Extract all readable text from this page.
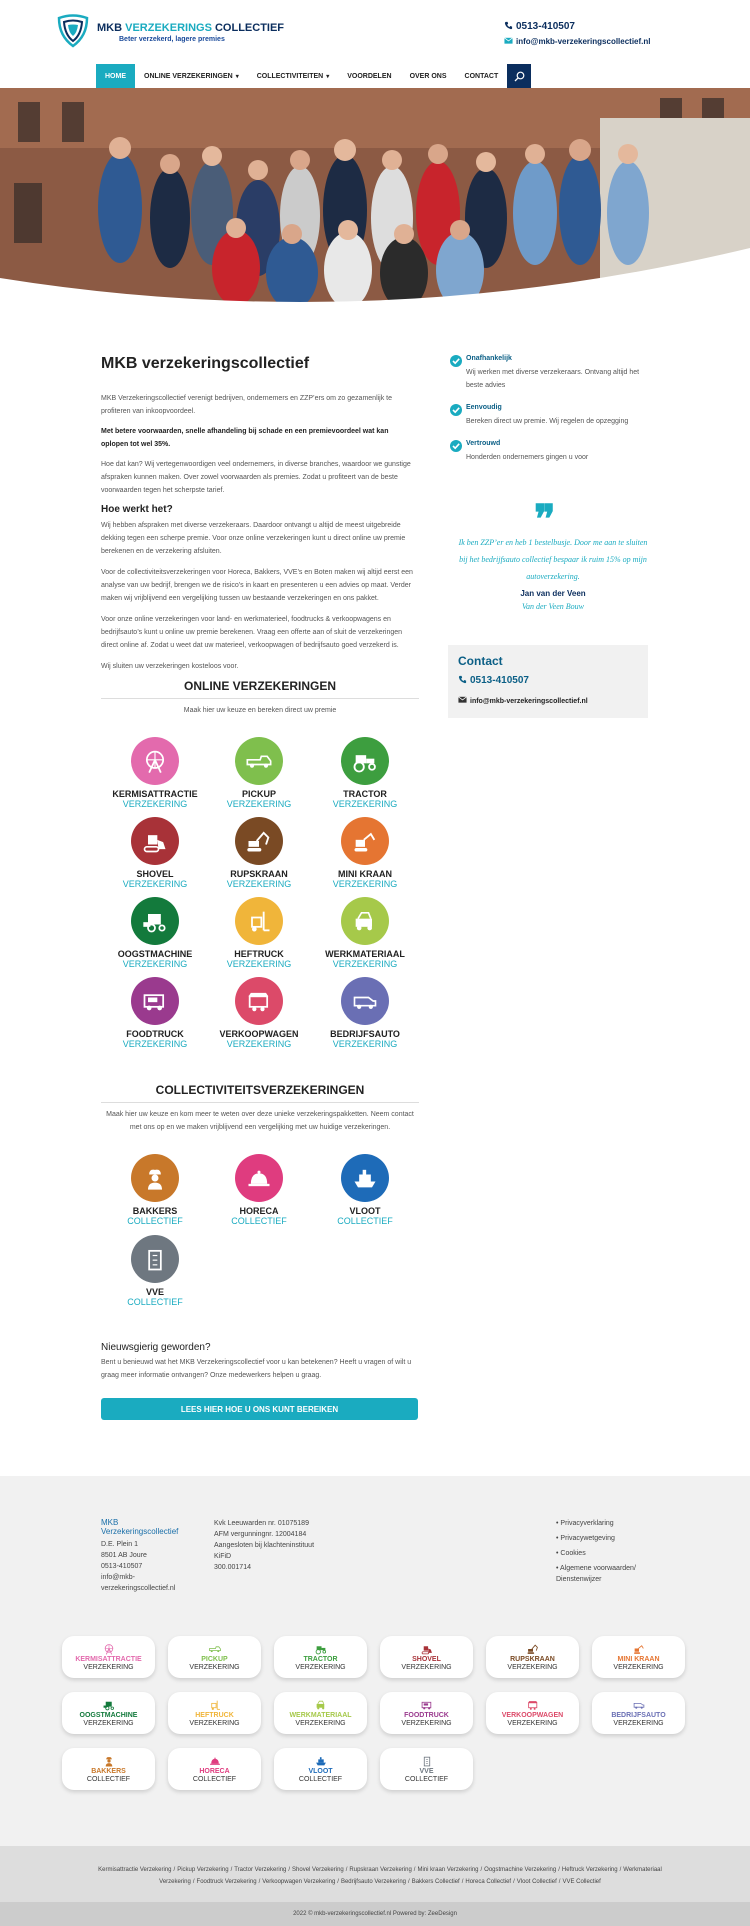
MKB VERZEKERINGS COLLECTIEF
Beter verzekerd, lagere premies
0513-410507
info@mkb-verzekeringscollectief.nl
HOME	ONLINE VERZEKERINGEN ▾	COLLECTIVITEITEN ▾	VOORDELEN	OVER ONS	CONTACT
MKB verzekeringscollectief
MKB Verzekeringscollectief verenigt bedrijven, ondernemers en ZZP’ers om zo gezamenlijk te profiteren van inkoopvoordeel.
Met betere voorwaarden, snelle afhandeling bij schade en een premievoordeel wat kan oplopen tot wel 35%.
Hoe dat kan? Wij vertegenwoordigen veel ondernemers, in diverse branches, waardoor we gunstige afspraken kunnen maken. Over zowel voorwaarden als premies. Zodat u profiteert van de beste voorwaarden tegen het scherpste tarief.
Hoe werkt het?
Wij hebben afspraken met diverse verzekeraars. Daardoor ontvangt u altijd de meest uitgebreide dekking tegen een scherpe premie. Voor onze online verzekeringen kunt u direct online uw premie berekenen en de verzekering afsluiten.
Voor de collectiviteitsverzekeringen voor Horeca, Bakkers, VVE’s en Boten maken wij altijd eerst een analyse van uw bedrijf, brengen we de risico’s in kaart en presenteren u een advies op maat. Verder maken wij vrijblijvend een vergelijking tussen uw bestaande verzekeringen en ons pakket.
Voor onze online verzekeringen voor land- en werkmaterieel, foodtrucks & verkoopwagens en bedrijfsauto’s kunt u online uw premie berekenen. Vraag een offerte aan of sluit de verzekeringen direct online af. Zodat u weet dat uw materieel, verkoopwagen of bedrijfsauto goed verzekerd is.
Wij sluiten uw verzekeringen kosteloos voor.
ONLINE VERZEKERINGEN
Maak hier uw keuze en bereken direct uw premie
KERMISATTRACTIE
VERZEKERING
PICKUP
VERZEKERING
TRACTOR
VERZEKERING
SHOVEL
VERZEKERING
RUPSKRAAN
VERZEKERING
MINI KRAAN
VERZEKERING
OOGSTMACHINE
VERZEKERING
HEFTRUCK
VERZEKERING
WERKMATERIAAL
VERZEKERING
FOODTRUCK
VERZEKERING
VERKOOPWAGEN
VERZEKERING
BEDRIJFSAUTO
VERZEKERING
COLLECTIVITEITSVERZEKERINGEN
Maak hier uw keuze en kom meer te weten over deze unieke verzekeringspakketten. Neem contact met ons op en we maken vrijblijvend een vergelijking met uw huidige verzekeringen.
BAKKERS
COLLECTIEF
HORECA
COLLECTIEF
VLOOT
COLLECTIEF
VVE
COLLECTIEF
Nieuwsgierig geworden?
Bent u benieuwd wat het MKB Verzekeringscollectief voor u kan betekenen? Heeft u vragen of wilt u graag meer informatie ontvangen? Onze medewerkers helpen u graag.
LEES HIER HOE U ONS KUNT BEREIKEN
Onafhankelijk
Wij werken met diverse verzekeraars. Ontvang altijd het beste advies
Eenvoudig
Bereken direct uw premie. Wij regelen de opzegging
Vertrouwd
Honderden ondernemers gingen u voor
❞
Ik ben ZZP’er en heb 1 bestelbusje. Door me aan te sluiten bij het bedrijfsauto collectief bespaar ik ruim 15% op mijn autoverzekering.
Jan van der Veen
Van der Veen Bouw
Contact
0513-410507
info@mkb-verzekeringscollectief.nl
MKB Verzekeringscollectief
D.E. Plein 1
8501 AB Joure
0513-410507
info@mkb-verzekeringscollectief.nl
Kvk Leeuwarden nr. 01075189
AFM vergunningnr. 12004184
Aangesloten bij klachteninstituut KiFiD
300.001714
• Privacyverklaring
• Privacywetgeving
• Cookies
• Algemene voorwaarden/ Dienstenwijzer
KERMISATTRACTIE
VERZEKERING
PICKUP
VERZEKERING
TRACTOR
VERZEKERING
SHOVEL
VERZEKERING
RUPSKRAAN
VERZEKERING
MINI KRAAN
VERZEKERING
OOGSTMACHINE
VERZEKERING
HEFTRUCK
VERZEKERING
WERKMATERIAAL
VERZEKERING
FOODTRUCK
VERZEKERING
VERKOOPWAGEN
VERZEKERING
BEDRIJFSAUTO
VERZEKERING
BAKKERS
COLLECTIEF
HORECA
COLLECTIEF
VLOOT
COLLECTIEF
VVE
COLLECTIEF
Kermisattractie Verzekering / Pickup Verzekering / Tractor Verzekering / Shovel Verzekering / Rupskraan Verzekering / Mini kraan Verzekering / Oogstmachine Verzekering / Heftruck Verzekering / Werkmateriaal Verzekering / Foodtruck Verzekering / Verkoopwagen Verzekering / Bedrijfsauto Verzekering / Bakkers Collectief / Horeca Collectief / Vloot Collectief / VVE Collectief
2022 © mkb-verzekeringscollectief.nl Powered by: ZeeDesign
